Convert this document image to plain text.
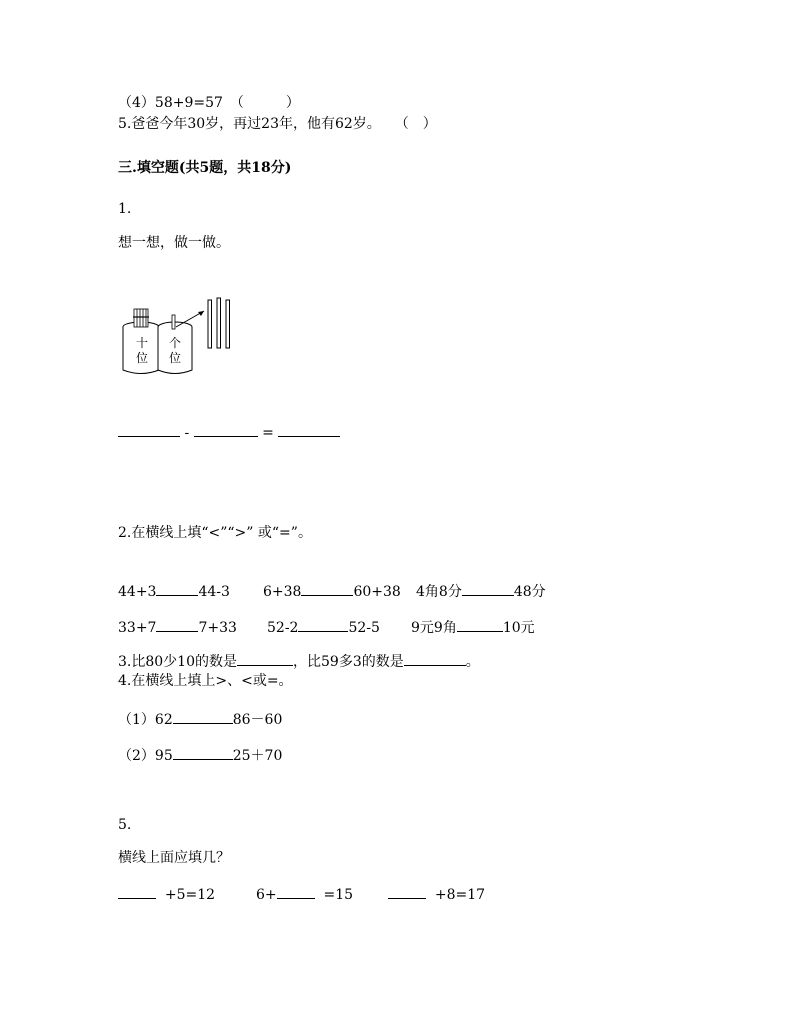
（4）58+9=57　（　　　）
5.爸爸今年30岁，再过23年，他有62岁。　　（　）
三.填空题(共5题，共18分)
1.
想一想，做一做。
十
位
个
位
-	=
2.在横线上填“<”“>” 或“=”。
44+3	44-3 6+38	60+38 4角8分	48分
33+7	7+33 52-2	52-5 9元9角	10元
3.比80少10的数是	，比59多3的数是	。
4.在横线上填上>、<或=。
（1）62	86－60
（2）95	25＋70
5.
横线上面应填几？
+5=12	6+	=15	+8=17
